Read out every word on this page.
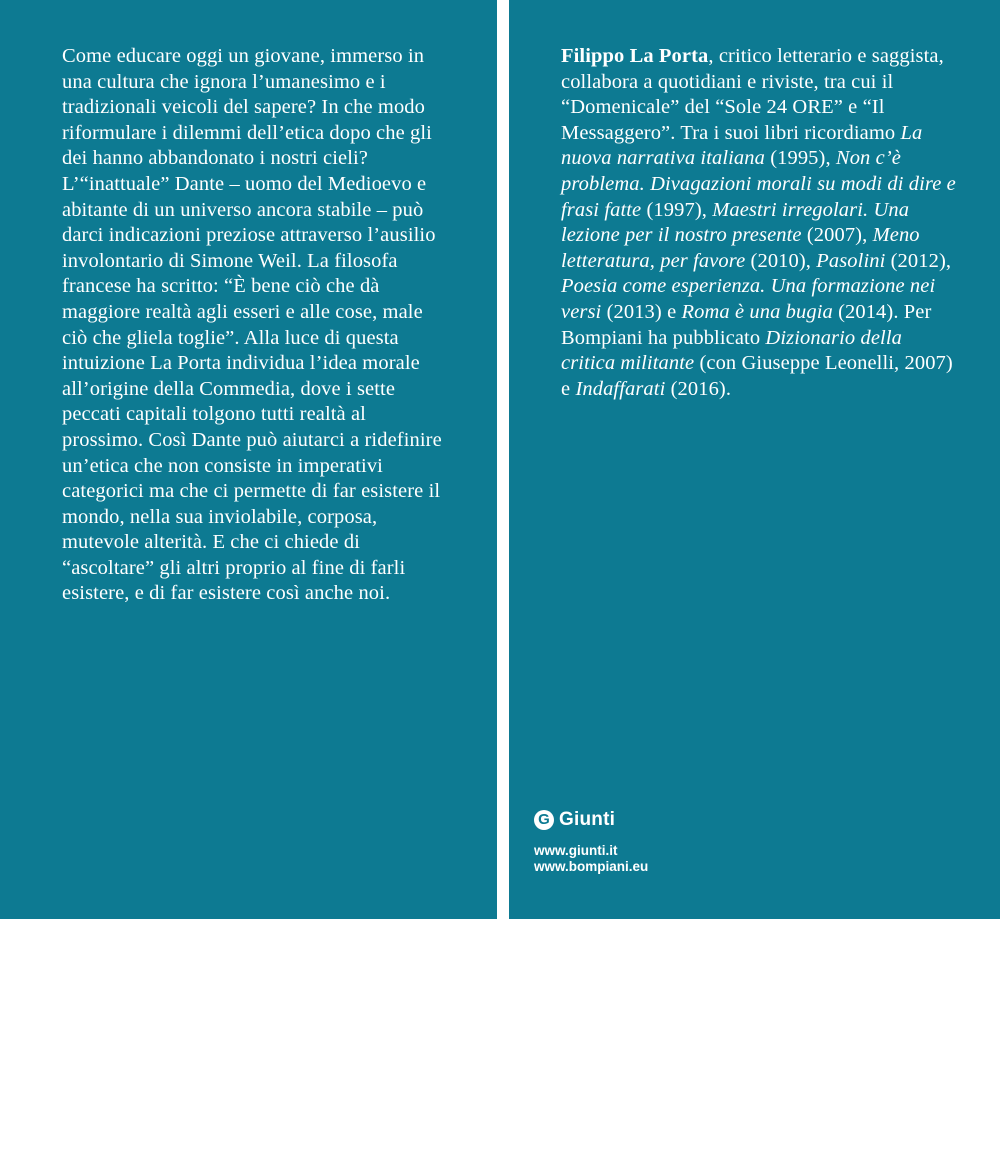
Come educare oggi un giovane, immerso in una cultura che ignora l’umanesimo e i tradizionali veicoli del sapere? In che modo riformulare i dilemmi dell’etica dopo che gli dei hanno abbandonato i nostri cieli? L’“inattuale” Dante – uomo del Medioevo e abitante di un universo ancora stabile – può darci indicazioni preziose attraverso l’ausilio involontario di Simone Weil. La filosofa francese ha scritto: “È bene ciò che dà maggiore realtà agli esseri e alle cose, male ciò che gliela toglie”. Alla luce di questa intuizione La Porta individua l’idea morale all’origine della Commedia, dove i sette peccati capitali tolgono tutti realtà al prossimo. Così Dante può aiutarci a ridefinire un’etica che non consiste in imperativi categorici ma che ci permette di far esistere il mondo, nella sua inviolabile, corposa, mutevole alterità. E che ci chiede di “ascoltare” gli altri proprio al fine di farli esistere, e di far esistere così anche noi.

Filippo La Porta, critico letterario e saggista, collabora a quotidiani e riviste, tra cui il “Domenicale” del “Sole 24 ORE” e “Il Messaggero”. Tra i suoi libri ricordiamo La nuova narrativa italiana (1995), Non c’è problema. Divagazioni morali su modi di dire e frasi fatte (1997), Maestri irregolari. Una lezione per il nostro presente (2007), Meno letteratura, per favore (2010), Pasolini (2012), Poesia come esperienza. Una formazione nei versi (2013) e Roma è una bugia (2014). Per Bompiani ha pubblicato Dizionario della critica militante (con Giuseppe Leonelli, 2007) e Indaffarati (2016).

G Giunti
www.giunti.it
www.bompiani.eu
Foto dell’autore: © Paula Islas. Progetto grafico: Polystudio. Copertina: Paola Bertozzi.
